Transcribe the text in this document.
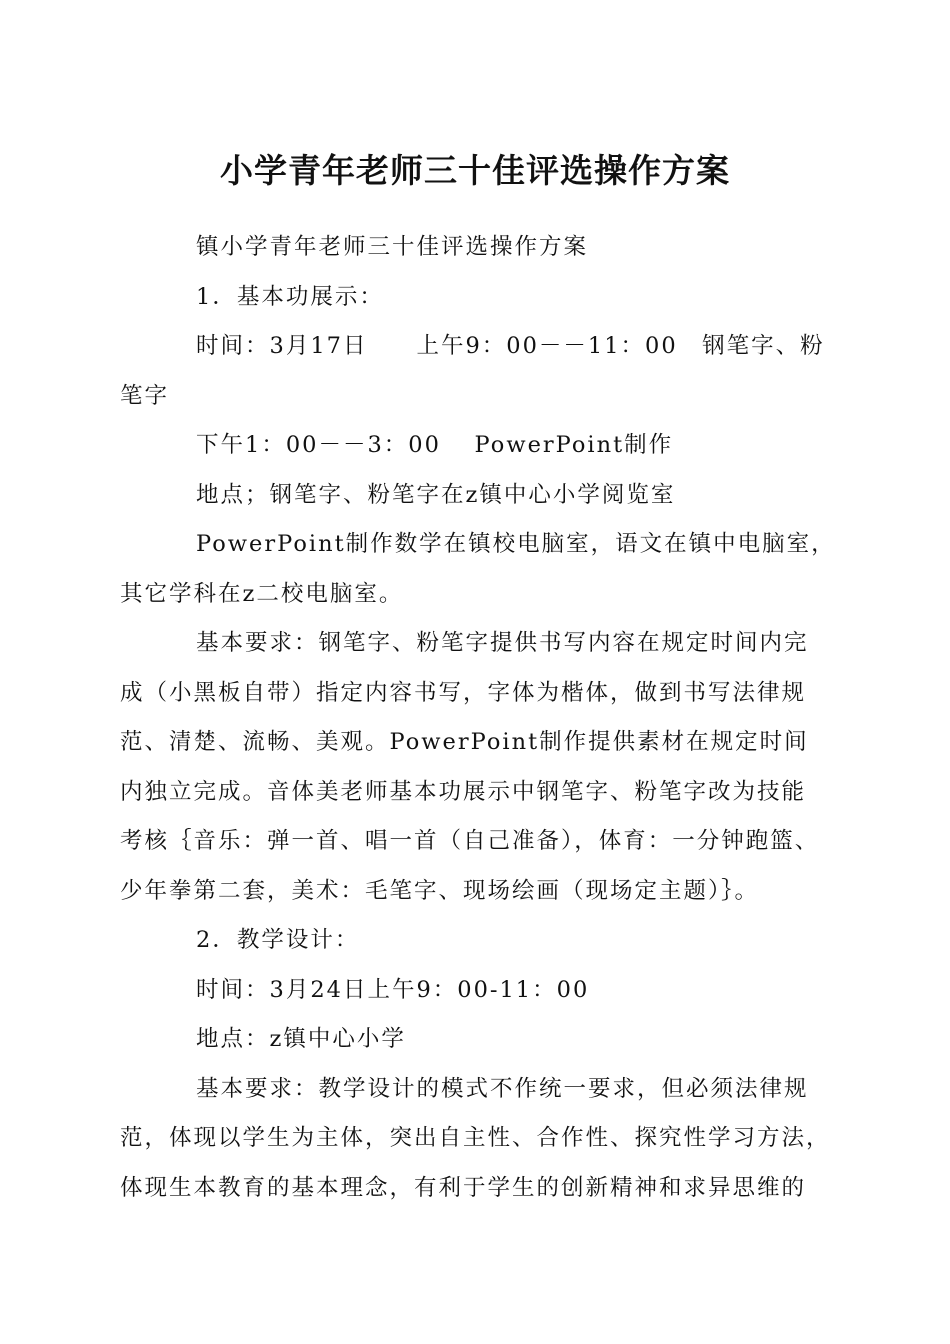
小学青年老师三十佳评选操作方案
镇小学青年老师三十佳评选操作方案
1．基本功展示：
时间：3月17日　　上午9：00－－11：00　钢笔字、粉
笔字
下午1：00－－3：00　 PowerPoint制作
地点；钢笔字、粉笔字在z镇中心小学阅览室
PowerPoint制作数学在镇校电脑室，语文在镇中电脑室，
其它学科在z二校电脑室。
基本要求：钢笔字、粉笔字提供书写内容在规定时间内完
成（小黑板自带）指定内容书写，字体为楷体，做到书写法律规
范、清楚、流畅、美观。PowerPoint制作提供素材在规定时间
内独立完成。音体美老师基本功展示中钢笔字、粉笔字改为技能
考核｛音乐：弹一首、唱一首（自己准备），体育：一分钟跑篮、
少年拳第二套，美术：毛笔字、现场绘画（现场定主题）｝。
2．教学设计：
时间：3月24日上午9：00-11：00
地点：z镇中心小学
基本要求：教学设计的模式不作统一要求，但必须法律规
范，体现以学生为主体，突出自主性、合作性、探究性学习方法，
体现生本教育的基本理念，有利于学生的创新精神和求异思维的
